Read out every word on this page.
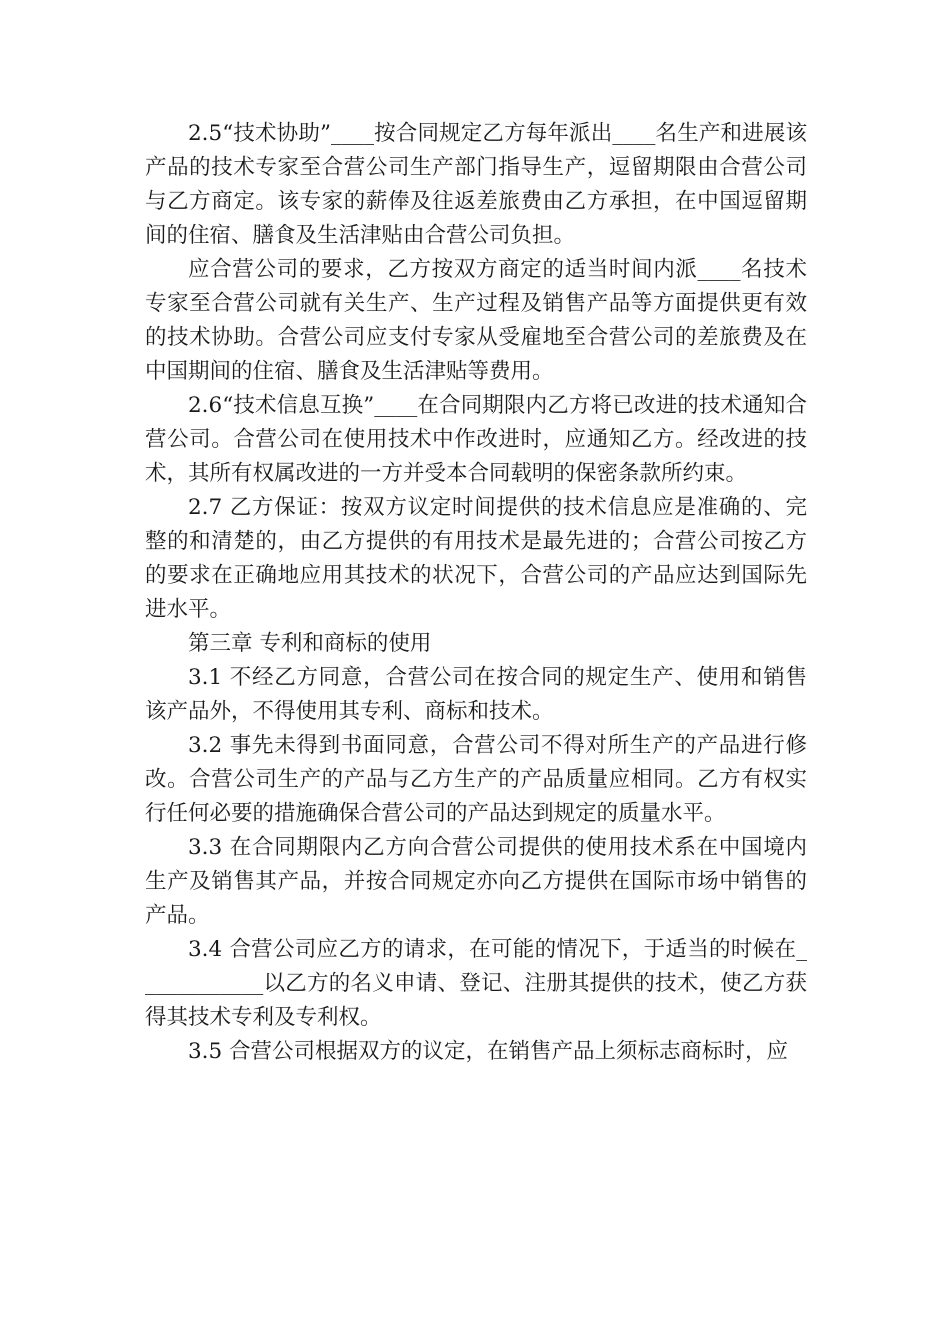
2.5“技术协助”____按合同规定乙方每年派出____名生产和进展该产品的技术专家至合营公司生产部门指导生产，逗留期限由合营公司与乙方商定。该专家的薪俸及往返差旅费由乙方承担，在中国逗留期间的住宿、膳食及生活津贴由合营公司负担。

应合营公司的要求，乙方按双方商定的适当时间内派____名技术专家至合营公司就有关生产、生产过程及销售产品等方面提供更有效的技术协助。合营公司应支付专家从受雇地至合营公司的差旅费及在中国期间的住宿、膳食及生活津贴等费用。

2.6“技术信息互换”____在合同期限内乙方将已改进的技术通知合营公司。合营公司在使用技术中作改进时，应通知乙方。经改进的技术，其所有权属改进的一方并受本合同载明的保密条款所约束。

2.7 乙方保证：按双方议定时间提供的技术信息应是准确的、完整的和清楚的，由乙方提供的有用技术是最先进的；合营公司按乙方的要求在正确地应用其技术的状况下，合营公司的产品应达到国际先进水平。

第三章 专利和商标的使用

3.1 不经乙方同意，合营公司在按合同的规定生产、使用和销售该产品外，不得使用其专利、商标和技术。

3.2 事先未得到书面同意，合营公司不得对所生产的产品进行修改。合营公司生产的产品与乙方生产的产品质量应相同。乙方有权实行任何必要的措施确保合营公司的产品达到规定的质量水平。

3.3 在合同期限内乙方向合营公司提供的使用技术系在中国境内生产及销售其产品，并按合同规定亦向乙方提供在国际市场中销售的产品。

3.4 合营公司应乙方的请求，在可能的情况下，于适当的时候在____________以乙方的名义申请、登记、注册其提供的技术，使乙方获得其技术专利及专利权。

3.5 合营公司根据双方的议定，在销售产品上须标志商标时，应
